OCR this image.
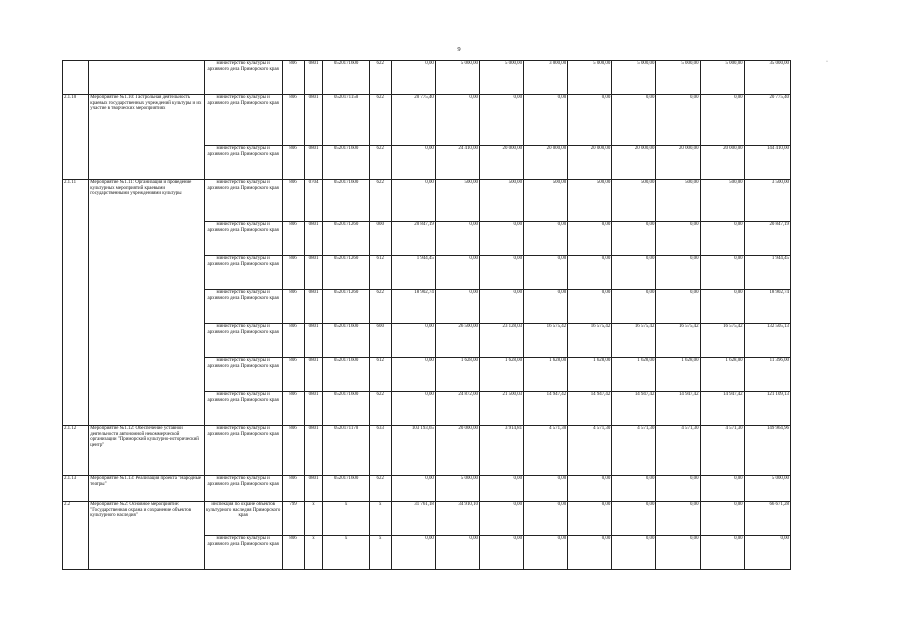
9
·
		министерство культуры и архивного дела Приморского края	806	0801	0520171600	622	0,00	5 000,00	5 000,00	3 000,00	5 000,00	5 000,00	5 000,00	5 000,00	35 000,00
2.1.10	Мероприятие №1.10: Гастрольная деятельность краевых государственных учреждений культуры и их участие в творческих мероприятиях	министерство культуры и архивного дела Приморского края	806	0801	0520171150	622	20 775,40	0,00	0,00	0,00	0,00	0,00	0,00	0,00	20 775,40
		министерство культуры и архивного дела Приморского края	806	0801	0520171600	622	0,00	24 410,00	20 000,00	20 000,00	20 000,00	20 000,00	20 000,00	20 000,00	144 410,00
2.1.11	Мероприятие №1.11: Организация и проведение культурных мероприятий краевыми государственными учреждениями культуры	министерство культуры и архивного дела Приморского края	806	0704	0520171600	622	0,00	500,00	500,00	500,00	500,00	500,00	500,00	500,00	3 500,00
		министерство культуры и архивного дела Приморского края	806	0801	0520171260	000	20 847,19	0,00	0,00	0,00	0,00	0,00	0,00	0,00	20 847,19
		министерство культуры и архивного дела Приморского края	806	0801	0520171260	612	1 944,45	0,00	0,00	0,00	0,00	0,00	0,00	0,00	1 944,45
		министерство культуры и архивного дела Приморского края	806	0801	0520171260	622	18 902,74	0,00	0,00	0,00	0,00	0,00	0,00	0,00	18 902,74
		министерство культуры и архивного дела Приморского края	806	0801	0520171600	600	0,00	26 500,00	23 128,03	16 575,42	16 575,42	16 575,42	16 575,42	16 575,42	132 505,13
		министерство культуры и архивного дела Приморского края	806	0801	0520171600	612	0,00	1 628,00	1 628,00	1 628,00	1 628,00	1 628,00	1 628,00	1 628,00	11 396,00
		министерство культуры и архивного дела Приморского края	806	0801	0520171600	622	0,00	24 872,00	21 500,03	14 947,42	14 947,42	14 947,42	14 947,42	14 947,42	121 109,13
2.1.12	Мероприятие №1.12: Обеспечение уставной деятельности автономной некоммерческой организации "Приморский культурно-исторический центр"	министерство культуры и архивного дела Приморского края	806	0801	0520171170	633	103 193,65	20 000,00	3 914,81	4 571,30	4 571,30	4 571,30	4 571,30	4 571,30	149 964,96
2.1.13	Мероприятие №1.13: Реализация проекта "Народные театры"	министерство культуры и архивного дела Приморского края	806	0801	0520171600	622	0,00	5 000,00	0,00	0,00	0,00	0,00	0,00	0,00	5 000,00
2.2	Мероприятие №2: Основное мероприятие: "Государственная охрана и сохранение объектов культурного наследия"	инспекция по охране объектов культурного наследия Приморского края	799	x	x	x	31 761,18	34 910,10	0,00	0,00	0,00	0,00	0,00	0,00	66 671,28
		министерство культуры и архивного дела Приморского края	806	x	x	x	0,00	0,00	0,00	0,00	0,00	0,00	0,00	0,00	0,00
